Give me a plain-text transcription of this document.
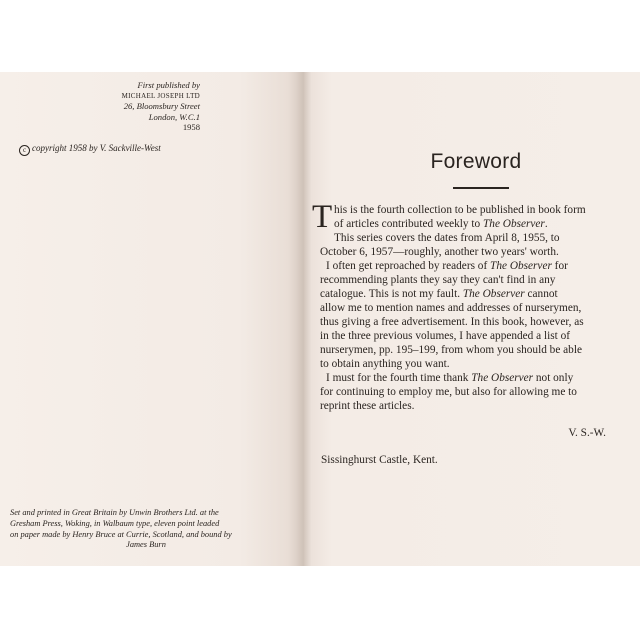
First published by
MICHAEL JOSEPH LTD
26, Bloomsbury Street
London, W.C.1
1958
c copyright 1958 by V. Sackville-West
Set and printed in Great Britain by Unwin Brothers Ltd. at the
Gresham Press, Woking, in Walbaum type, eleven point leaded
on paper made by Henry Bruce at Currie, Scotland, and bound by
James Burn
Foreword
T his is the fourth collection to be published in book form
of articles contributed weekly to The Observer.
This series covers the dates from April 8, 1955, to
October 6, 1957—roughly, another two years' worth.
I often get reproached by readers of The Observer for
recommending plants they say they can't find in any
catalogue. This is not my fault. The Observer cannot
allow me to mention names and addresses of nurserymen,
thus giving a free advertisement. In this book, however, as
in the three previous volumes, I have appended a list of
nurserymen, pp. 195–199, from whom you should be able
to obtain anything you want.
I must for the fourth time thank The Observer not only
for continuing to employ me, but also for allowing me to
reprint these articles.
V. S.-W.
Sissinghurst Castle, Kent.
